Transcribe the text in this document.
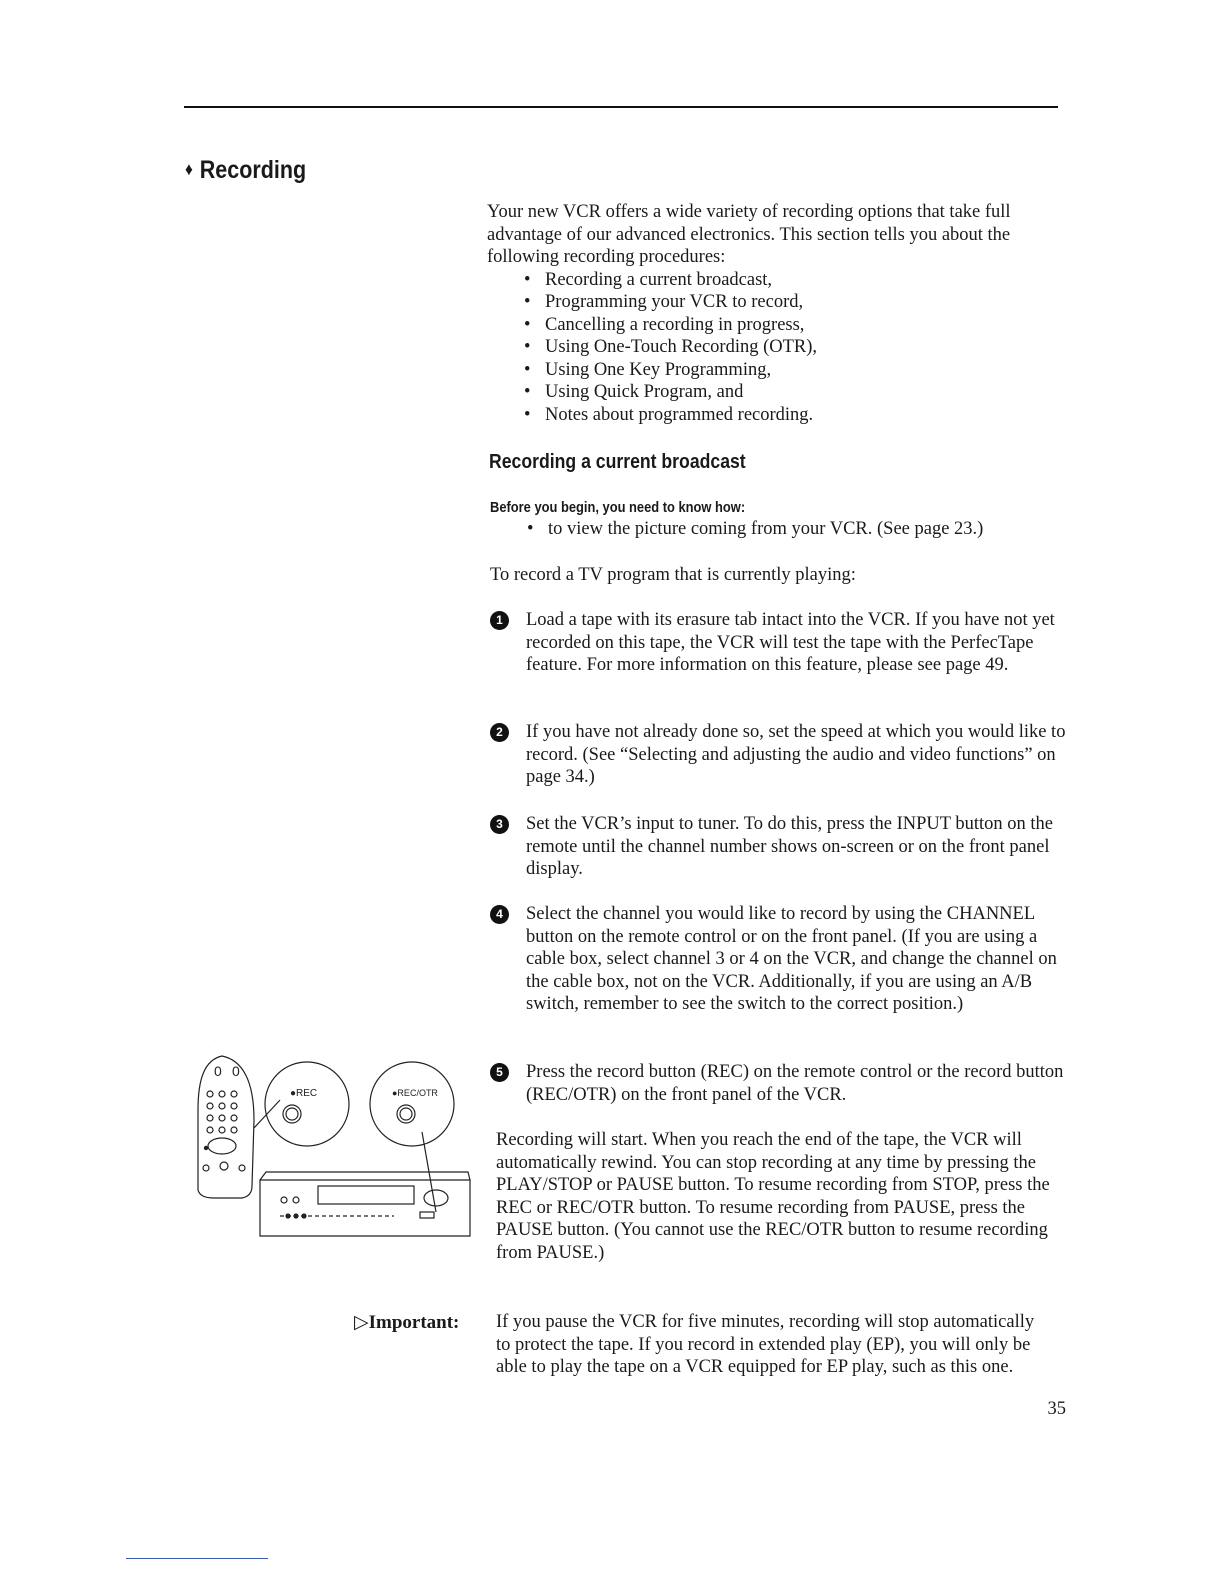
♦ Recording

Your new VCR offers a wide variety of recording options that take full advantage of our advanced electronics. This section tells you about the following recording procedures:

• Recording a current broadcast,
• Programming your VCR to record,
• Cancelling a recording in progress,
• Using One-Touch Recording (OTR),
• Using One Key Programming,
• Using Quick Program, and
• Notes about programmed recording.
Recording a current broadcast
Before you begin, you need to know how:
• to view the picture coming from your VCR. (See page 23.)

To record a TV program that is currently playing:

1	Load a tape with its erasure tab intact into the VCR. If you have not yet recorded on this tape, the VCR will test the tape with the PerfecTape feature. For more information on this feature, please see page 49.
2	If you have not already done so, set the speed at which you would like to record. (See “Selecting and adjusting the audio and video functions” on page 34.)
3	Set the VCR’s input to tuner. To do this, press the INPUT button on the remote until the channel number shows on-screen or on the front panel display.
4	Select the channel you would like to record by using the CHANNEL button on the remote control or on the front panel. (If you are using a cable box, select channel 3 or 4 on the VCR, and change the channel on the cable box, not on the VCR. Additionally, if you are using an A/B switch, remember to see the switch to the correct position.)
5	Press the record button (REC) on the remote control or the record button (REC/OTR) on the front panel of the VCR.

Recording will start. When you reach the end of the tape, the VCR will automatically rewind. You can stop recording at any time by pressing the PLAY/STOP or PAUSE button. To resume recording from STOP, press the REC or REC/OTR button. To resume recording from PAUSE, press the PAUSE button. (You cannot use the REC/OTR button to resume recording from PAUSE.)

▷Important: If you pause the VCR for five minutes, recording will stop automatically to protect the tape. If you record in extended play (EP), you will only be able to play the tape on a VCR equipped for EP play, such as this one.

35
0 0
●REC	●REC/OTR
